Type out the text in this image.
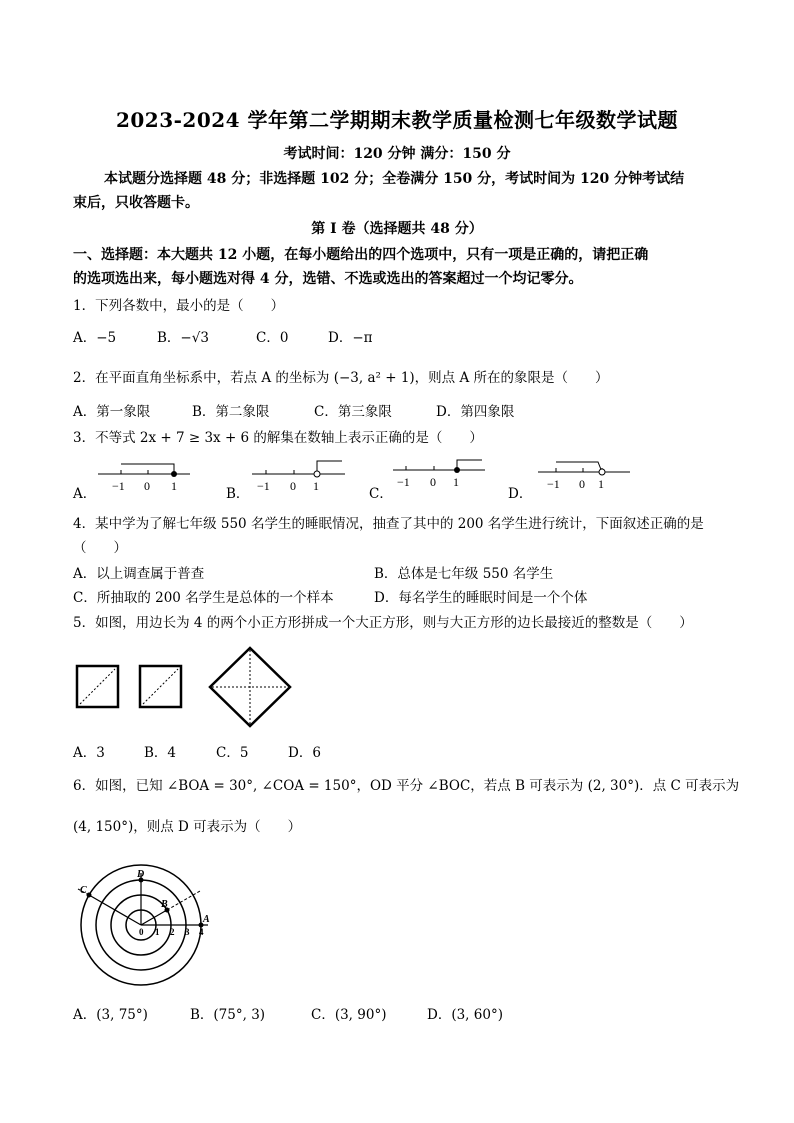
2023-2024 学年第二学期期末教学质量检测七年级数学试题
考试时间：120 分钟 满分：150 分
本试题分选择题 48 分；非选择题 102 分；全卷满分 150 分，考试时间为 120 分钟考试结
束后，只收答题卡。
第 I 卷（选择题共 48 分）
一、选择题：本大题共 12 小题，在每小题给出的四个选项中，只有一项是正确的，请把正确
的选项选出来，每小题选对得 4 分，选错、不选或选出的答案超过一个均记零分。
1．下列各数中，最小的是（　　）
A．−5	B．−√3	C．0	D．−π
2．在平面直角坐标系中，若点 A 的坐标为 (−3, a² + 1)，则点 A 所在的象限是（　　）
A．第一象限	B．第二象限	C．第三象限	D．第四象限
3．不等式 2x + 7 ≥ 3x + 6 的解集在数轴上表示正确的是（　　）
A．	B．	C．	D．
−1 0 1	−1 0 1	−1 0 1	−1 0 1
4．某中学为了解七年级 550 名学生的睡眠情况，抽查了其中的 200 名学生进行统计，下面叙述正确的是
（　　）
A．以上调查属于普查	B．总体是七年级 550 名学生
C．所抽取的 200 名学生是总体的一个样本	D．每名学生的睡眠时间是一个个体
5．如图，用边长为 4 的两个小正方形拼成一个大正方形，则与大正方形的边长最接近的整数是（　　）
A．3	B．4	C．5	D．6
6．如图，已知 ∠BOA = 30°, ∠COA = 150°，OD 平分 ∠BOC，若点 B 可表示为 (2, 30°)．点 C 可表示为
(4, 150°)，则点 D 可表示为（　　）
C
D
B
A
0 1 2 3 4
A．(3, 75°)	B．(75°, 3)	C．(3, 90°)	D．(3, 60°)
